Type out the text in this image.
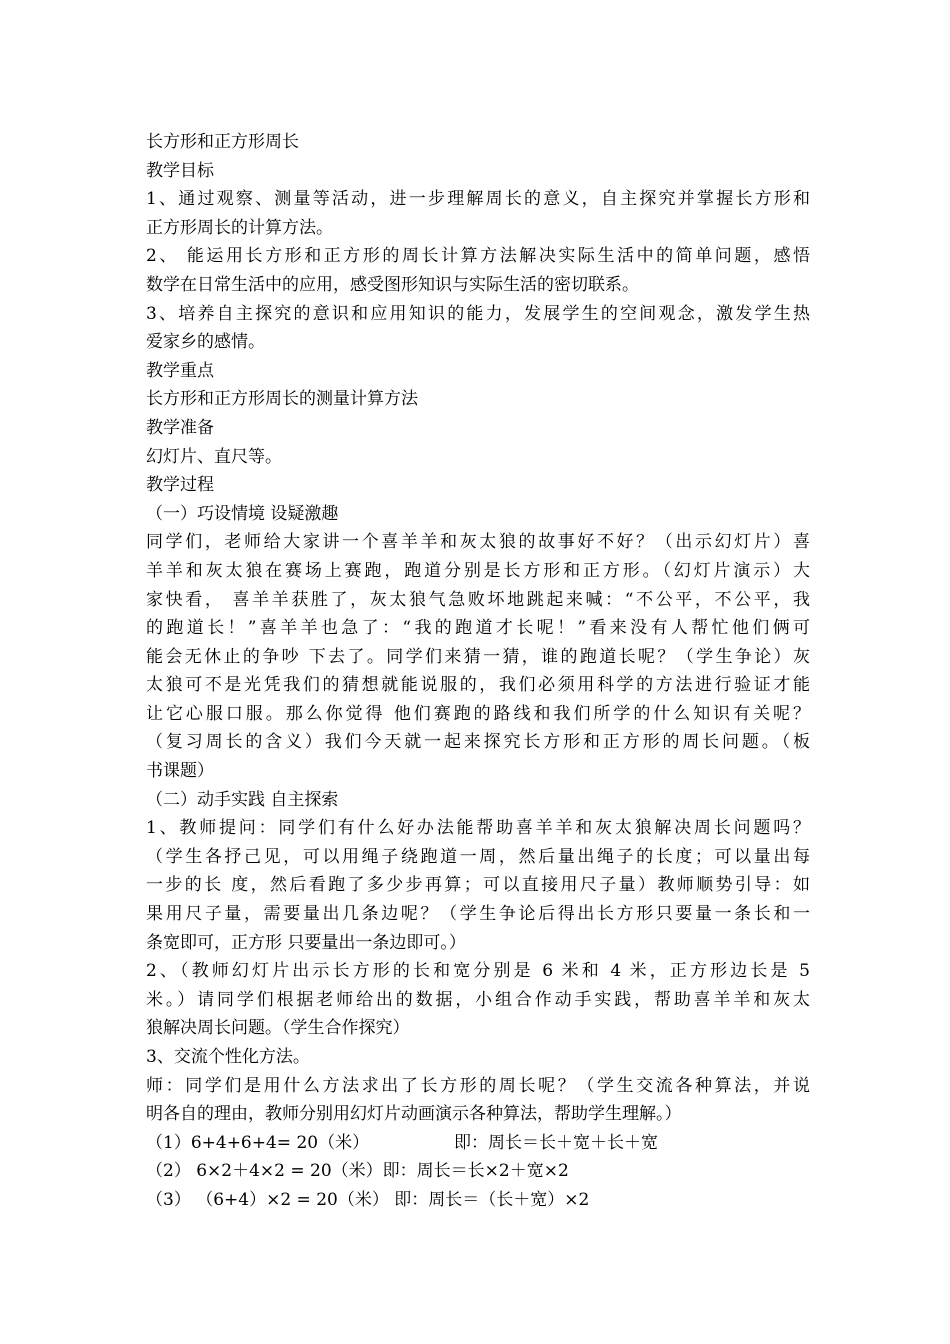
长方形和正方形周长
教学目标
1、通过观察、测量等活动，进一步理解周长的意义，自主探究并掌握长方形和
正方形周长的计算方法。
2、 能运用长方形和正方形的周长计算方法解决实际生活中的简单问题，感悟
数学在日常生活中的应用，感受图形知识与实际生活的密切联系。
3、培养自主探究的意识和应用知识的能力，发展学生的空间观念，激发学生热
爱家乡的感情。
教学重点
长方形和正方形周长的测量计算方法
教学准备
幻灯片、直尺等。
教学过程
（一）巧设情境 设疑激趣
同学们，老师给大家讲一个喜羊羊和灰太狼的故事好不好？（出示幻灯片）喜
羊羊和灰太狼在赛场上赛跑，跑道分别是长方形和正方形。（幻灯片演示）大
家快看， 喜羊羊获胜了，灰太狼气急败坏地跳起来喊：“不公平，不公平，我
的跑道长！”喜羊羊也急了：“我的跑道才长呢！”看来没有人帮忙他们俩可
能会无休止的争吵 下去了。同学们来猜一猜，谁的跑道长呢？（学生争论）灰
太狼可不是光凭我们的猜想就能说服的，我们必须用科学的方法进行验证才能
让它心服口服。那么你觉得 他们赛跑的路线和我们所学的什么知识有关呢？
（复习周长的含义）我们今天就一起来探究长方形和正方形的周长问题。（板
书课题）
（二）动手实践 自主探索
1、教师提问：同学们有什么好办法能帮助喜羊羊和灰太狼解决周长问题吗？
（学生各抒己见，可以用绳子绕跑道一周，然后量出绳子的长度；可以量出每
一步的长 度，然后看跑了多少步再算；可以直接用尺子量）教师顺势引导：如
果用尺子量，需要量出几条边呢？（学生争论后得出长方形只要量一条长和一
条宽即可，正方形 只要量出一条边即可。）
2、（教师幻灯片出示长方形的长和宽分别是 6 米和 4 米，正方形边长是 5
米。）请同学们根据老师给出的数据，小组合作动手实践，帮助喜羊羊和灰太
狼解决周长问题。（学生合作探究）
3、交流个性化方法。
师：同学们是用什么方法求出了长方形的周长呢？（学生交流各种算法，并说
明各自的理由，教师分别用幻灯片动画演示各种算法，帮助学生理解。）
（1）6+4+6+4= 20（米）	即：周长＝长＋宽＋长＋宽
（2） 6×2＋4×2 = 20（米）即：周长＝长×2＋宽×2
（3） （6+4）×2 = 20（米） 即：周长＝（长＋宽）×2
